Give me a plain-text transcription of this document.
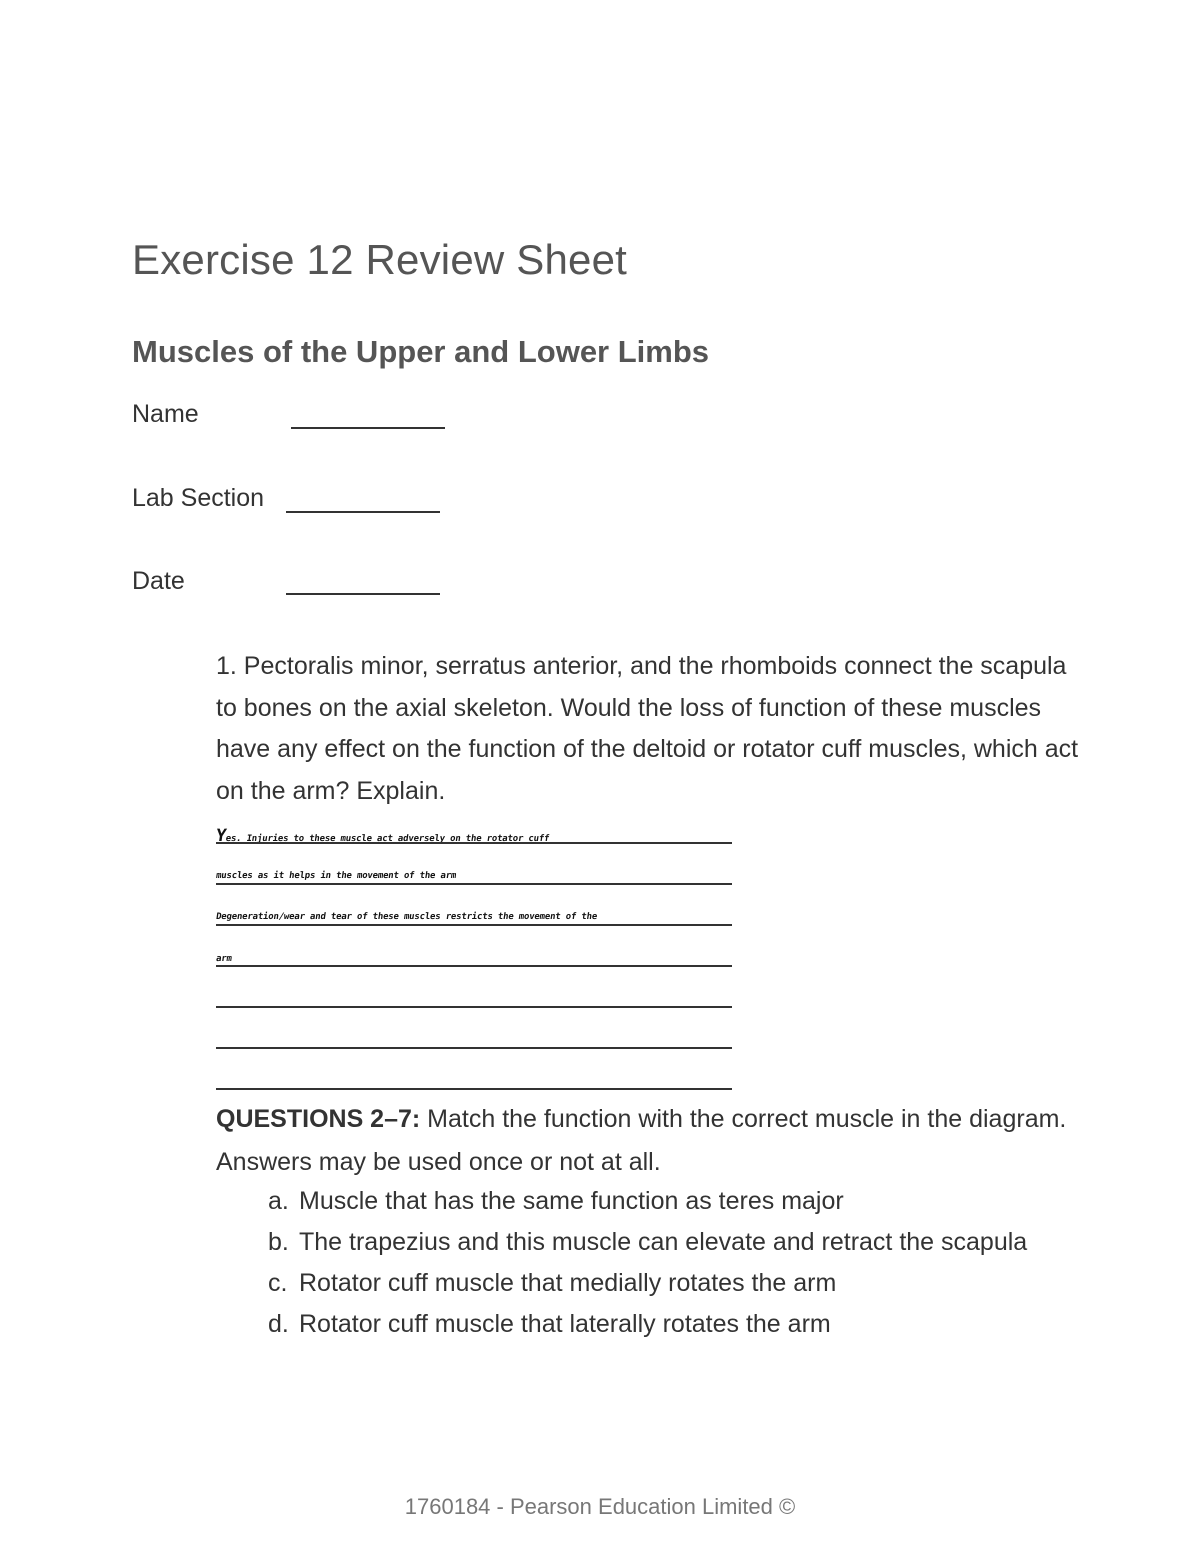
Exercise 12 Review Sheet
Muscles of the Upper and Lower Limbs
Name
Lab Section
Date
1. Pectoralis minor, serratus anterior, and the rhomboids connect the scapula to bones on the axial skeleton. Would the loss of function of these muscles have any effect on the function of the deltoid or rotator cuff muscles, which act on the arm? Explain.
Yes. Injuries to these muscle act adversely on the rotator cuff
muscles as it helps in the movement of the arm
Degeneration/wear and tear of these muscles restricts the movement of the
arm
QUESTIONS 2–7: Match the function with the correct muscle in the diagram. Answers may be used once or not at all.
a. Muscle that has the same function as teres major
b. The trapezius and this muscle can elevate and retract the scapula
c. Rotator cuff muscle that medially rotates the arm
d. Rotator cuff muscle that laterally rotates the arm
1760184 - Pearson Education Limited ©
